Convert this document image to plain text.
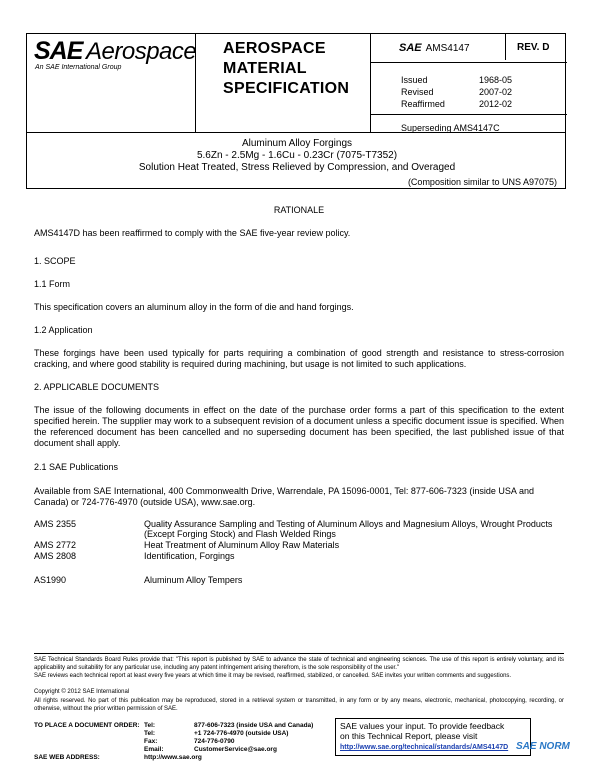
SAE Aerospace
An SAE International Group
AEROSPACE
MATERIAL
SPECIFICATION
SAE AMS4147	REV. D
Issued	1968-05
Revised	2007-02
Reaffirmed	2012-02
Superseding AMS4147C
Aluminum Alloy Forgings
5.6Zn - 2.5Mg - 1.6Cu - 0.23Cr (7075-T7352)
Solution Heat Treated, Stress Relieved by Compression, and Overaged
(Composition similar to UNS A97075)
RATIONALE
AMS4147D has been reaffirmed to comply with the SAE five-year review policy.
1. SCOPE
1.1 Form
This specification covers an aluminum alloy in the form of die and hand forgings.
1.2 Application
These forgings have been used typically for parts requiring a combination of good strength and resistance to stress-corrosion cracking, and where good stability is required during machining, but usage is not limited to such applications.
2. APPLICABLE DOCUMENTS
The issue of the following documents in effect on the date of the purchase order forms a part of this specification to the extent specified herein. The supplier may work to a subsequent revision of a document unless a specific document issue is specified. When the referenced document has been cancelled and no superseding document has been specified, the last published issue of that document shall apply.
2.1 SAE Publications
Available from SAE International, 400 Commonwealth Drive, Warrendale, PA 15096-0001, Tel: 877-606-7323 (inside USA and Canada) or 724-776-4970 (outside USA), www.sae.org.
AMS 2355	Quality Assurance Sampling and Testing of Aluminum Alloys and Magnesium Alloys, Wrought Products (Except Forging Stock) and Flash Welded Rings
AMS 2772	Heat Treatment of Aluminum Alloy Raw Materials
AMS 2808	Identification, Forgings
AS1990	Aluminum Alloy Tempers
SAE Technical Standards Board Rules provide that: "This report is published by SAE to advance the state of technical and engineering sciences. The use of this report is entirely voluntary, and its applicability and suitability for any particular use, including any patent infringement arising therefrom, is the sole responsibility of the user."
SAE reviews each technical report at least every five years at which time it may be revised, reaffirmed, stabilized, or cancelled. SAE invites your written comments and suggestions.
Copyright © 2012 SAE International
All rights reserved. No part of this publication may be reproduced, stored in a retrieval system or transmitted, in any form or by any means, electronic, mechanical, photocopying, recording, or otherwise, without the prior written permission of SAE.
TO PLACE A DOCUMENT ORDER: Tel:	877-606-7323 (inside USA and Canada)
Tel:	+1 724-776-4970 (outside USA)
Fax:	724-776-0790
Email:	CustomerService@sae.org
SAE WEB ADDRESS:	http://www.sae.org
SAE values your input. To provide feedback
on this Technical Report, please visit
http://www.sae.org/technical/standards/AMS4147D SAE NORM
